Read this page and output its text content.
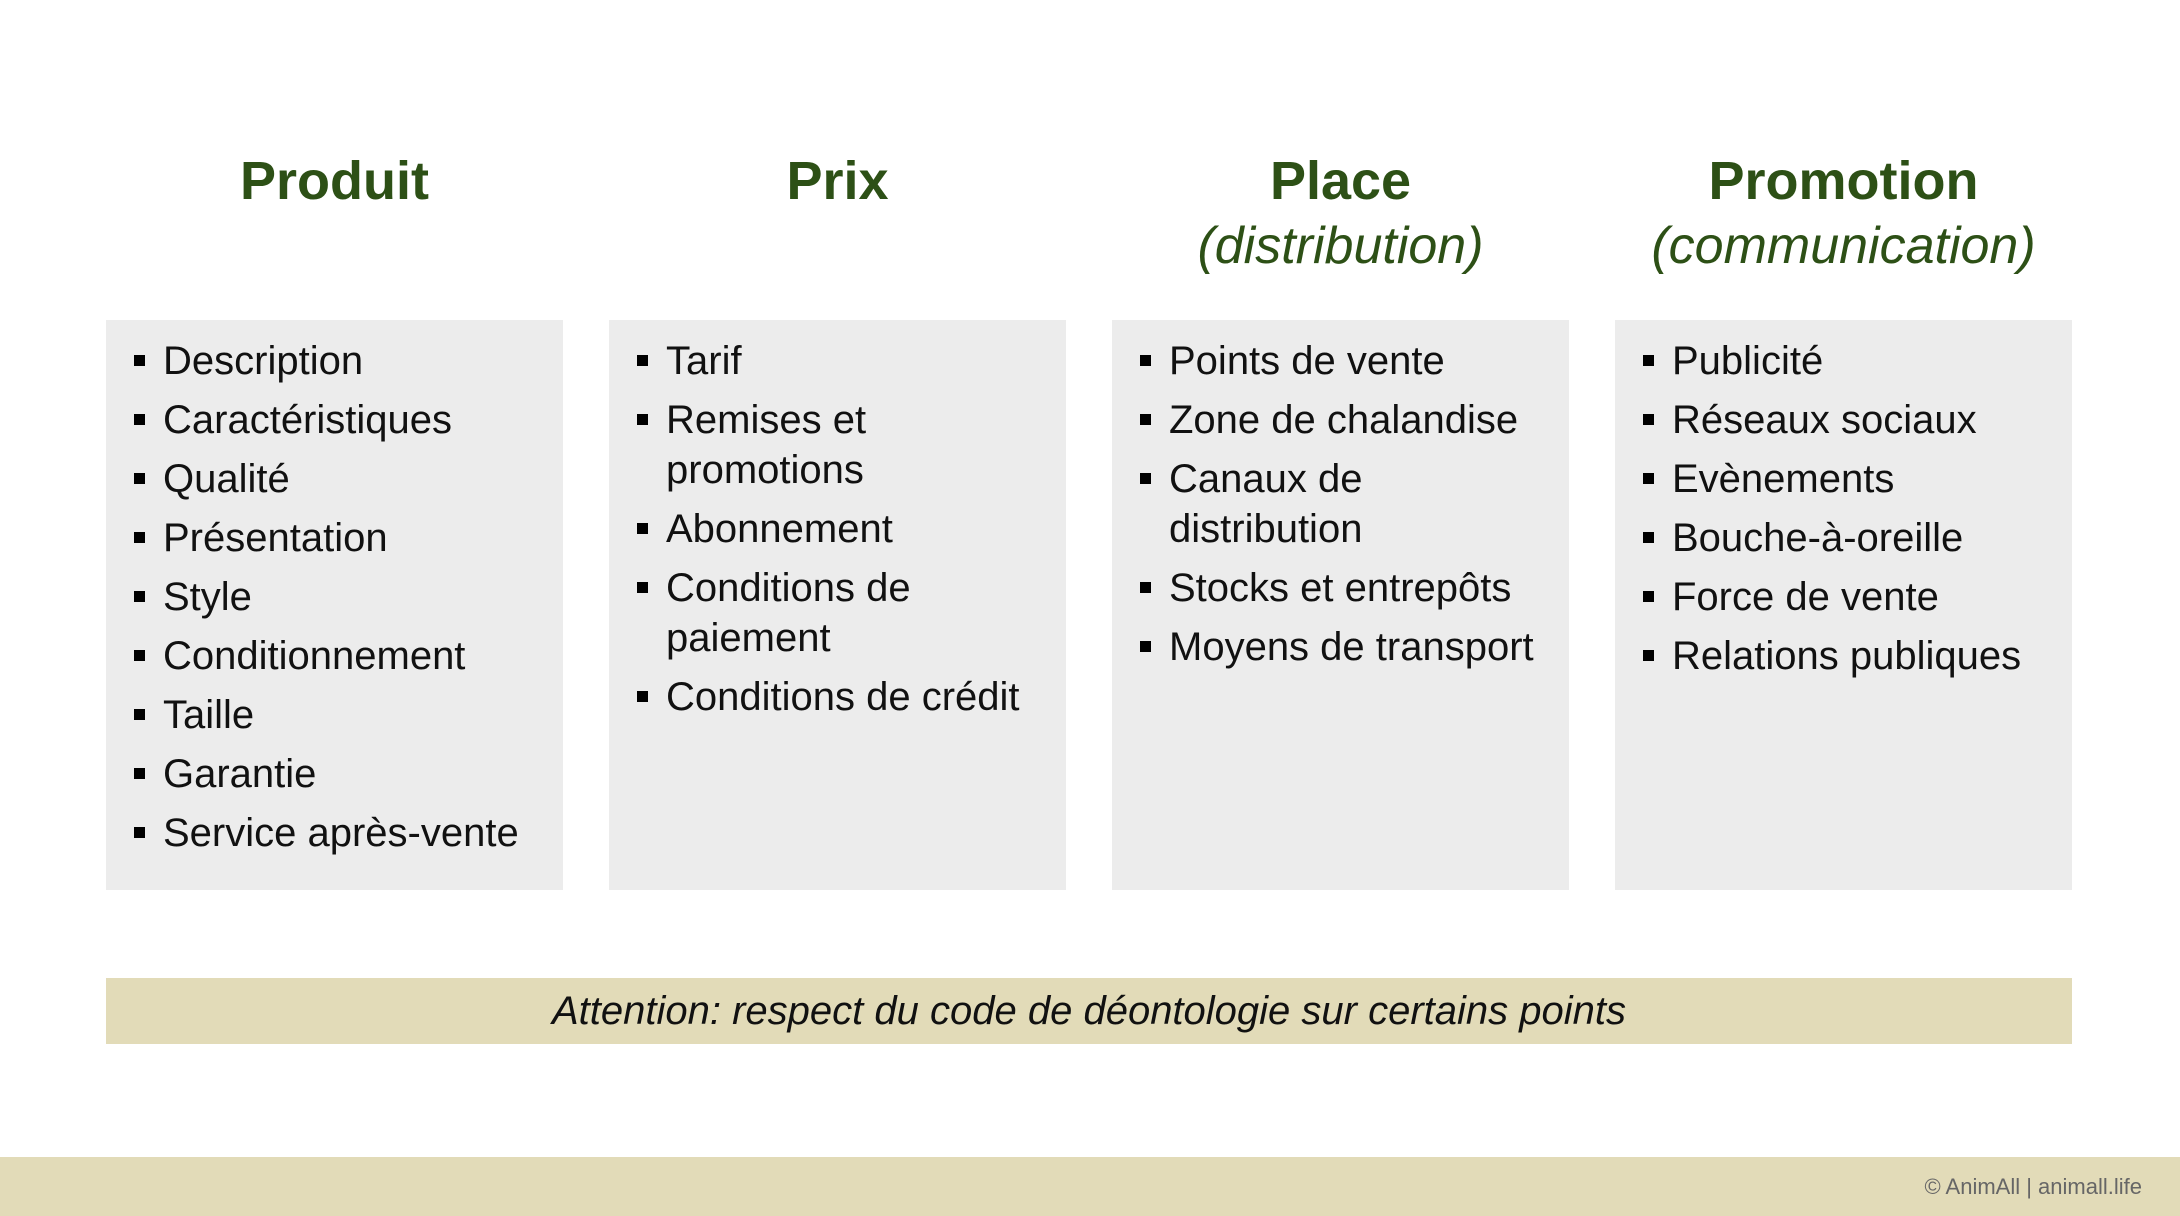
Produit
Description
Caractéristiques
Qualité
Présentation
Style
Conditionnement
Taille
Garantie
Service après-vente
Prix
Tarif
Remises et promotions
Abonnement
Conditions de paiement
Conditions de crédit
Place
(distribution)
Points de vente
Zone de chalandise
Canaux de distribution
Stocks et entrepôts
Moyens de transport
Promotion
(communication)
Publicité
Réseaux sociaux
Evènements
Bouche-à-oreille
Force de vente
Relations publiques
Attention: respect du code de déontologie sur certains points
© AnimAll | animall.life
